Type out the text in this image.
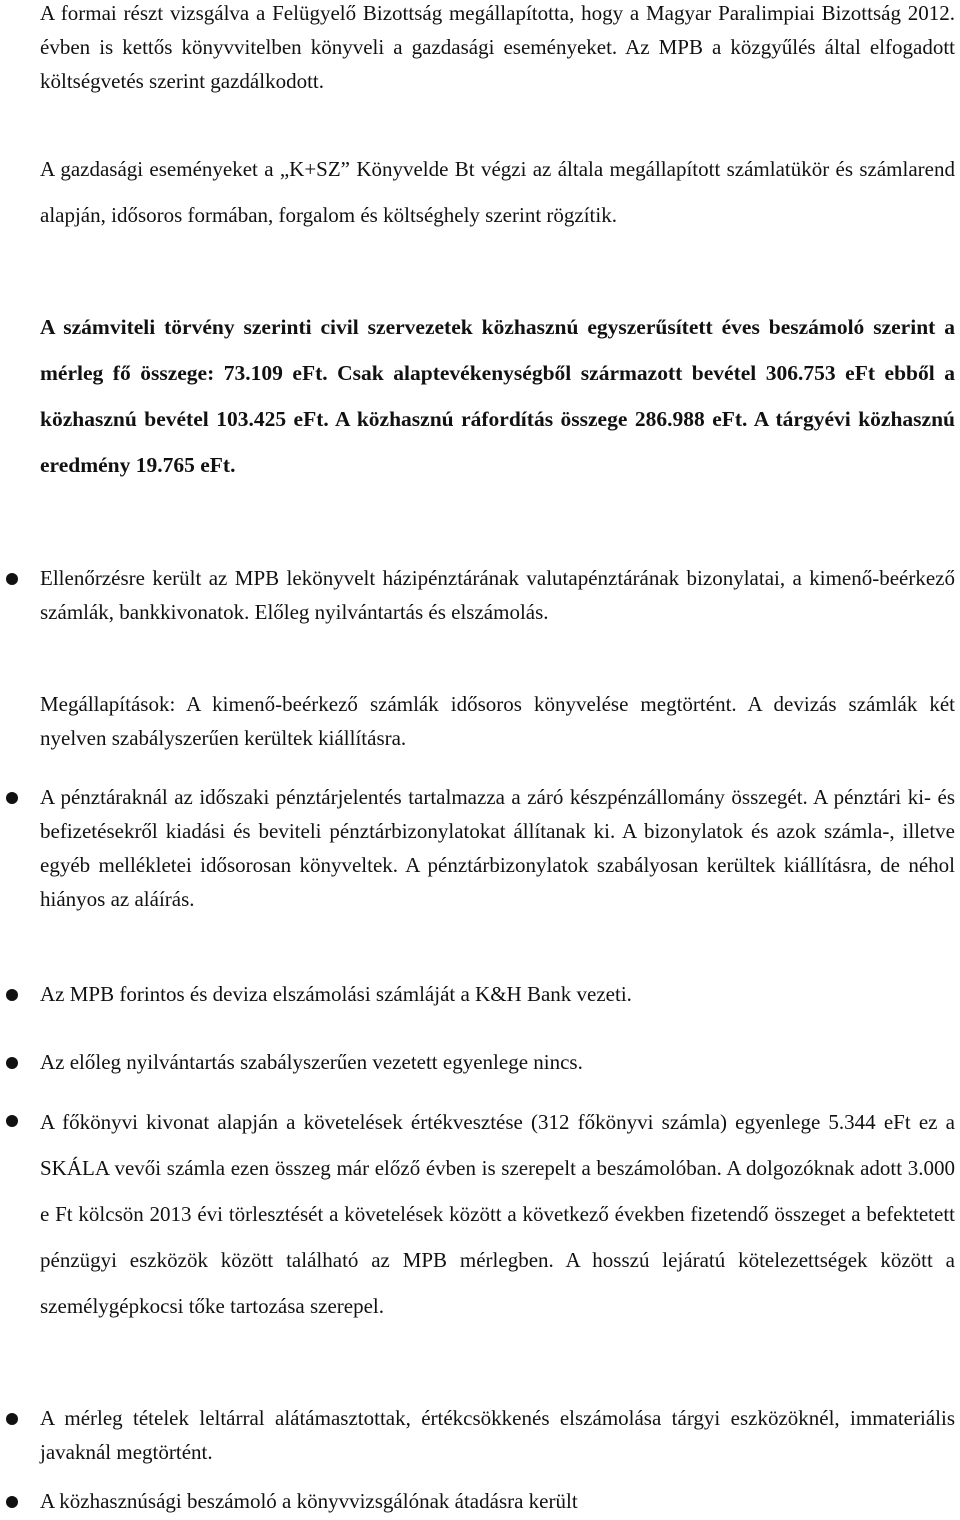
A formai részt vizsgálva a Felügyelő Bizottság megállapította, hogy a Magyar Paralimpiai Bizottság 2012. évben is kettős könyvvitelben könyveli a gazdasági eseményeket. Az MPB a közgyűlés által elfogadott költségvetés szerint gazdálkodott.

A gazdasági eseményeket a „K+SZ” Könyvelde Bt végzi az általa megállapított számlatükör és számlarend alapján, idősoros formában, forgalom és költséghely szerint rögzítik.

A számviteli törvény szerinti civil szervezetek közhasznú egyszerűsített éves beszámoló szerint a mérleg fő összege: 73.109 eFt. Csak alaptevékenységből származott bevétel 306.753 eFt ebből a közhasznú bevétel 103.425 eFt. A közhasznú ráfordítás összege 286.988 eFt. A tárgyévi közhasznú eredmény 19.765 eFt.

Ellenőrzésre került az MPB lekönyvelt házipénztárának valutapénztárának bizonylatai, a kimenő-beérkező számlák, bankkivonatok. Előleg nyilvántartás és elszámolás.

Megállapítások: A kimenő-beérkező számlák idősoros könyvelése megtörtént. A devizás számlák két nyelven szabályszerűen kerültek kiállításra.

A pénztáraknál az időszaki pénztárjelentés tartalmazza a záró készpénzállomány összegét. A pénztári ki- és befizetésekről kiadási és beviteli pénztárbizonylatokat állítanak ki. A bizonylatok és azok számla-, illetve egyéb mellékletei idősorosan könyveltek. A pénztárbizonylatok szabályosan kerültek kiállításra, de néhol hiányos az aláírás.

Az MPB forintos és deviza elszámolási számláját a K&H Bank vezeti.

Az előleg nyilvántartás szabályszerűen vezetett egyenlege nincs.

A főkönyvi kivonat alapján a követelések értékvesztése (312 főkönyvi számla) egyenlege 5.344 eFt ez a SKÁLA vevői számla ezen összeg már előző évben is szerepelt a beszámolóban. A dolgozóknak adott 3.000 e Ft kölcsön 2013 évi törlesztését a követelések között a következő években fizetendő összeget a befektetett pénzügyi eszközök között található az MPB mérlegben. A hosszú lejáratú kötelezettségek között a személygépkocsi tőke tartozása szerepel.

A mérleg tételek leltárral alátámasztottak, értékcsökkenés elszámolása tárgyi eszközöknél, immateriális javaknál megtörtént.

A közhasznúsági beszámoló a könyvvizsgálónak átadásra került
